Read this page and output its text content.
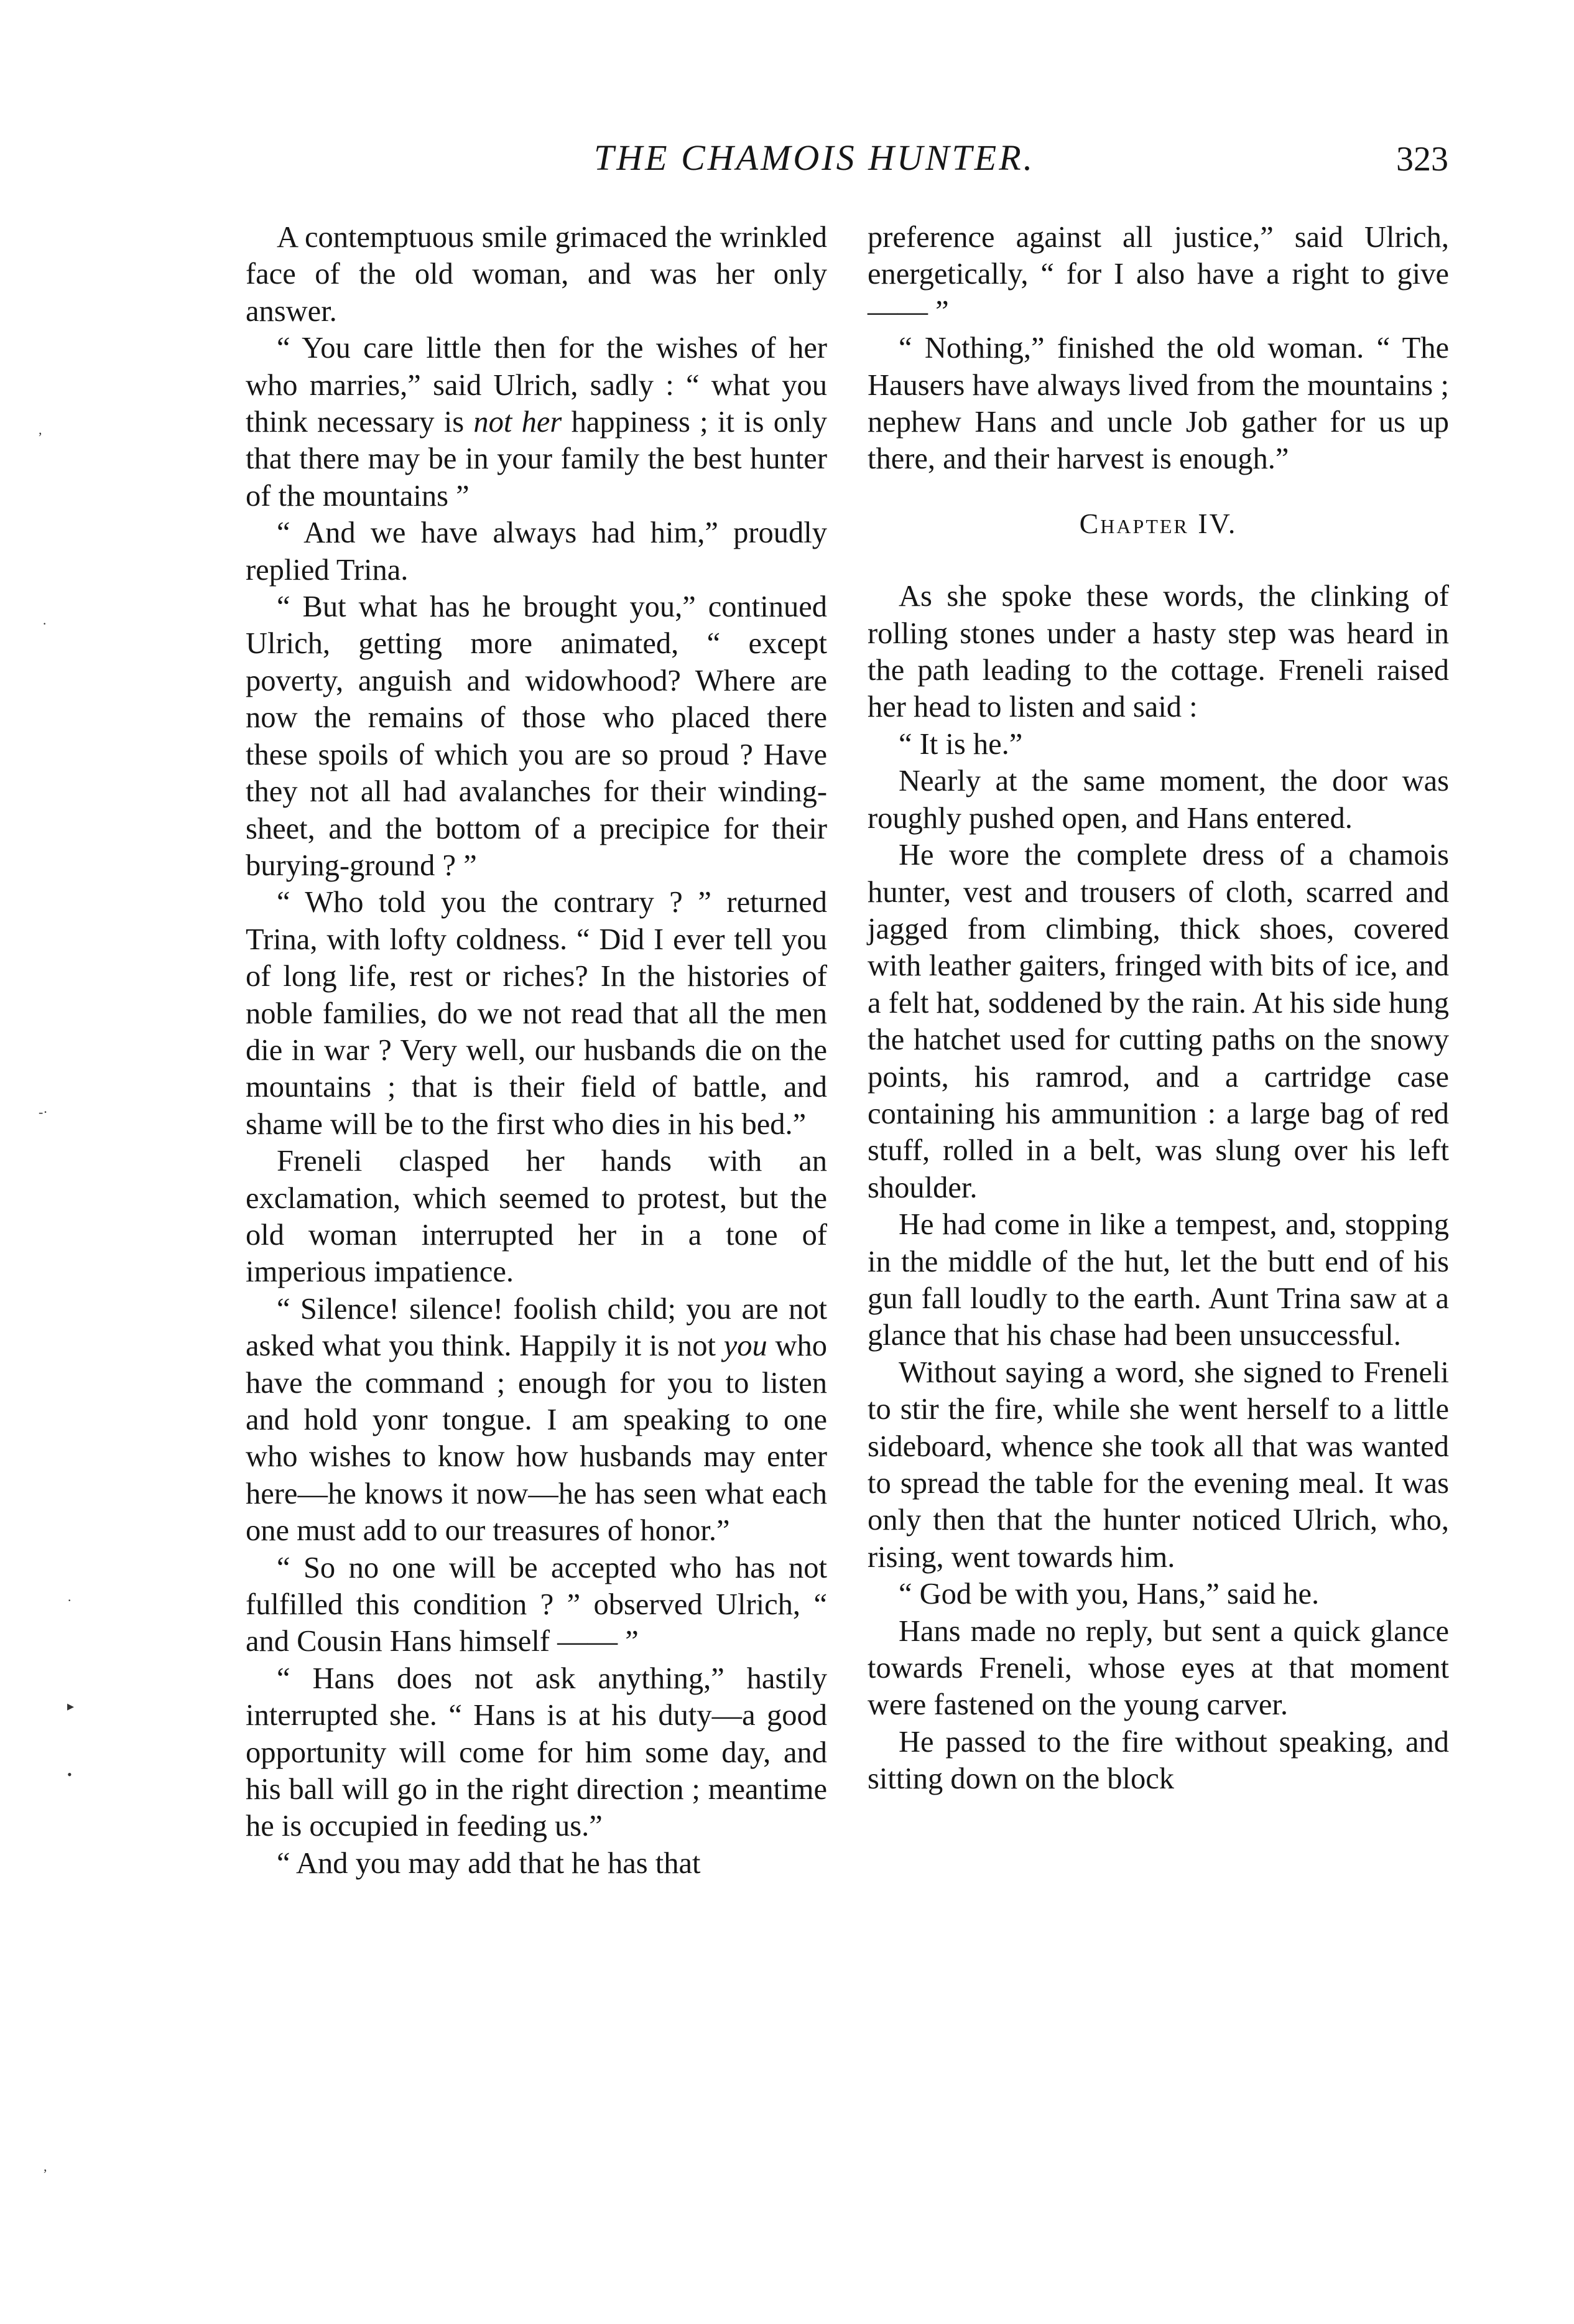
THE CHAMOIS HUNTER.	323
,
·
-·
·
▸
•
,

A contemptuous smile grimaced the wrinkled face of the old woman, and was her only answer.

“ You care little then for the wishes of her who marries,” said Ulrich, sadly : “ what you think necessary is not her happiness ; it is only that there may be in your family the best hunter of the mountains ”

“ And we have always had him,” proudly replied Trina.

“ But what has he brought you,” continued Ulrich, getting more animated, “ except poverty, anguish and widowhood? Where are now the remains of those who placed there these spoils of which you are so proud ? Have they not all had avalanches for their winding-sheet, and the bottom of a precipice for their burying-ground ? ”

“ Who told you the contrary ? ” returned Trina, with lofty coldness. “ Did I ever tell you of long life, rest or riches? In the histories of noble families, do we not read that all the men die in war ? Very well, our husbands die on the mountains ; that is their field of battle, and shame will be to the first who dies in his bed.”

Freneli clasped her hands with an exclamation, which seemed to protest, but the old woman interrupted her in a tone of imperious impatience.

“ Silence! silence! foolish child; you are not asked what you think. Happily it is not you who have the command ; enough for you to listen and hold yonr tongue. I am speaking to one who wishes to know how husbands may enter here—he knows it now—he has seen what each one must add to our treasures of honor.”

“ So no one will be accepted who has not fulfilled this condition ? ” observed Ulrich, “ and Cousin Hans himself —— ”

“ Hans does not ask anything,” hastily interrupted she. “ Hans is at his duty—a good opportunity will come for him some day, and his ball will go in the right direction ; meantime he is occupied in feeding us.”

“ And you may add that he has that

preference against all justice,” said Ulrich, energetically, “ for I also have a right to give —— ”

“ Nothing,” finished the old woman. “ The Hausers have always lived from the mountains ; nephew Hans and uncle Job gather for us up there, and their harvest is enough.”

Chapter IV.

As she spoke these words, the clinking of rolling stones under a hasty step was heard in the path leading to the cottage. Freneli raised her head to listen and said :

“ It is he.”

Nearly at the same moment, the door was roughly pushed open, and Hans entered.

He wore the complete dress of a chamois hunter, vest and trousers of cloth, scarred and jagged from climbing, thick shoes, covered with leather gaiters, fringed with bits of ice, and a felt hat, soddened by the rain. At his side hung the hatchet used for cutting paths on the snowy points, his ramrod, and a cartridge case containing his ammunition : a large bag of red stuff, rolled in a belt, was slung over his left shoulder.

He had come in like a tempest, and, stopping in the middle of the hut, let the butt end of his gun fall loudly to the earth. Aunt Trina saw at a glance that his chase had been unsuccessful.

Without saying a word, she signed to Freneli to stir the fire, while she went herself to a little sideboard, whence she took all that was wanted to spread the table for the evening meal. It was only then that the hunter noticed Ulrich, who, rising, went towards him.

“ God be with you, Hans,” said he.

Hans made no reply, but sent a quick glance towards Freneli, whose eyes at that moment were fastened on the young carver.

He passed to the fire without speaking, and sitting down on the block
